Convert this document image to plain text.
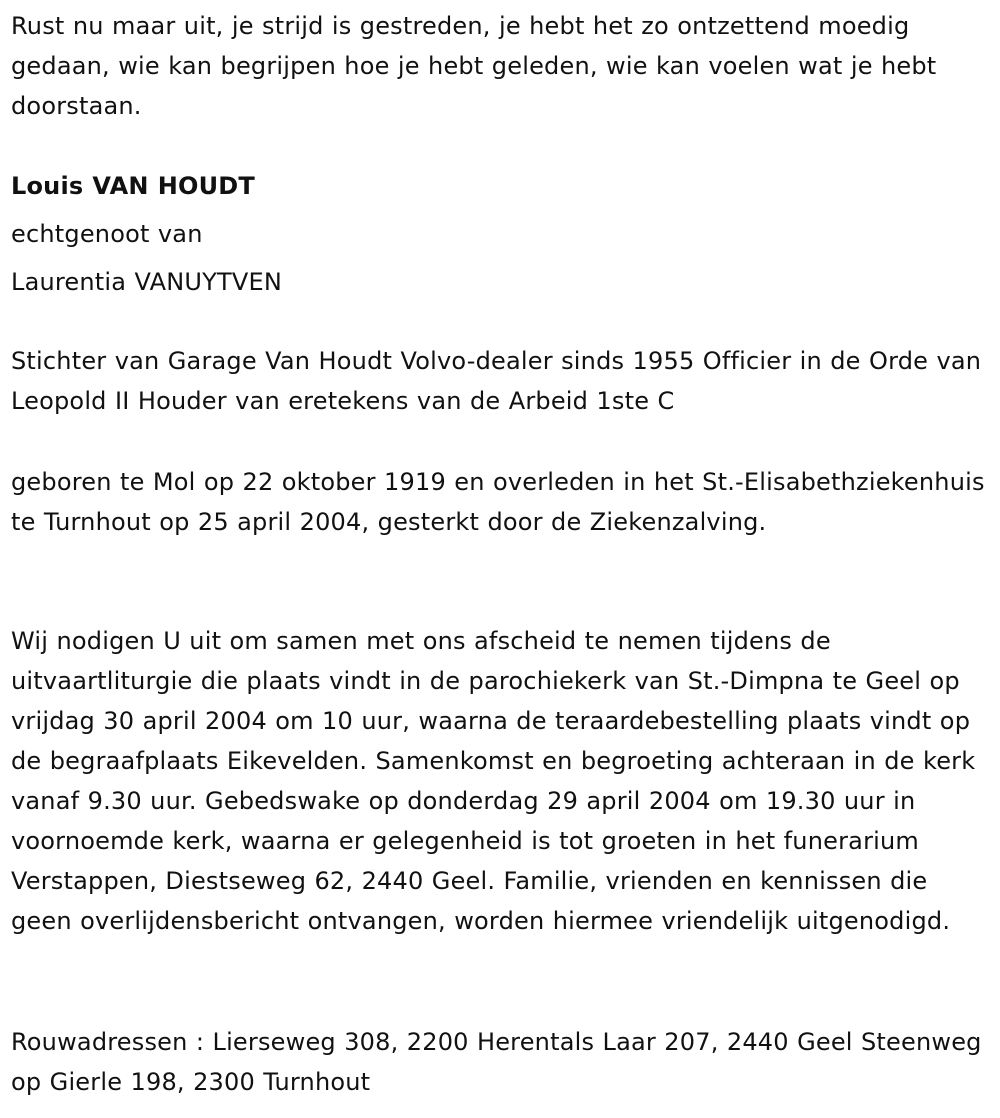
Rust nu maar uit, je strijd is gestreden, je hebt het zo ontzettend moedig gedaan, wie kan begrijpen hoe je hebt geleden, wie kan voelen wat je hebt doorstaan.

Louis VAN HOUDT

echtgenoot van

Laurentia VANUYTVEN

Stichter van Garage Van Houdt Volvo-dealer sinds 1955 Officier in de Orde van Leopold II Houder van eretekens van de Arbeid 1ste C

geboren te Mol op 22 oktober 1919 en overleden in het St.-Elisabethziekenhuis te Turnhout op 25 april 2004, gesterkt door de Ziekenzalving.

Wij nodigen U uit om samen met ons afscheid te nemen tijdens de uitvaartliturgie die plaats vindt in de parochiekerk van St.-Dimpna te Geel op vrijdag 30 april 2004 om 10 uur, waarna de teraardebestelling plaats vindt op de begraafplaats Eikevelden. Samenkomst en begroeting achteraan in de kerk vanaf 9.30 uur. Gebedswake op donderdag 29 april 2004 om 19.30 uur in voornoemde kerk, waarna er gelegenheid is tot groeten in het funerarium Verstappen, Diestseweg 62, 2440 Geel. Familie, vrienden en kennissen die geen overlijdensbericht ontvangen, worden hiermee vriendelijk uitgenodigd.

Rouwadressen : Lierseweg 308, 2200 Herentals Laar 207, 2440 Geel Steenweg op Gierle 198, 2300 Turnhout
